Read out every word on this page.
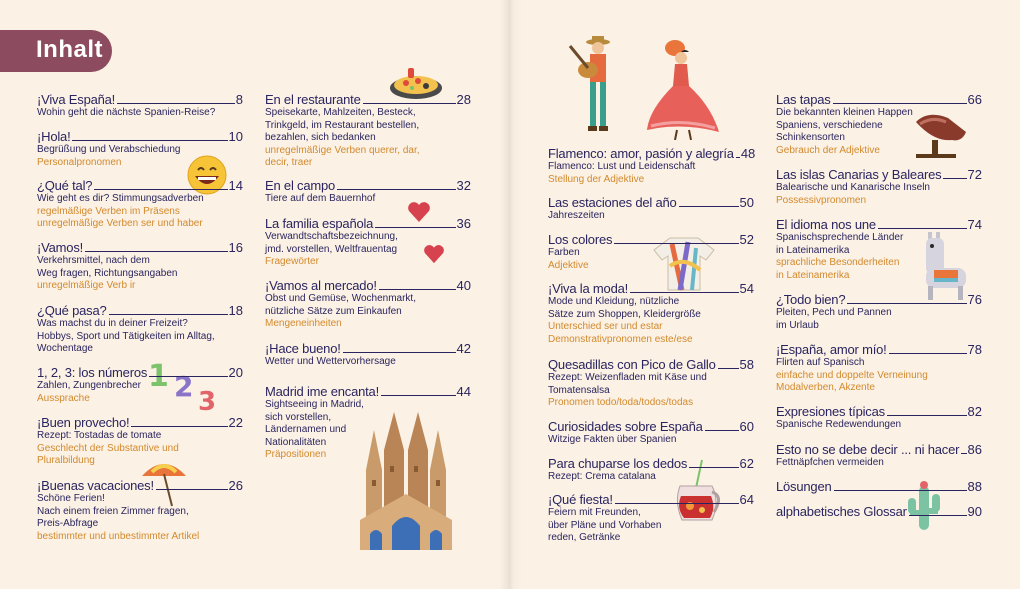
Inhalt
1 2 3
¡Viva España!	8
Wohin geht die nächste Spanien-Reise?
¡Hola!	10
Begrüßung und Verabschiedung
Personalpronomen
¿Qué tal?	14
Wie geht es dir? Stimmungsadverben
regelmäßige Verben im Präsens
unregelmäßige Verben ser und haber
¡Vamos!	16
Verkehrsmittel, nach dem
Weg fragen, Richtungsangaben
unregelmäßige Verb ir
¿Qué pasa?	18
Was machst du in deiner Freizeit?
Hobbys, Sport und Tätigkeiten im Alltag,
Wochentage
1, 2, 3: los números	20
Zahlen, Zungenbrecher
Aussprache
¡Buen provecho!	22
Rezept: Tostadas de tomate
Geschlecht der Substantive und
Pluralbildung
¡Buenas vacaciones!	26
Schöne Ferien!
Nach einem freien Zimmer fragen,
Preis-Abfrage
bestimmter und unbestimmter Artikel
En el restaurante	28
Speisekarte, Mahlzeiten, Besteck,
Trinkgeld, im Restaurant bestellen,
bezahlen, sich bedanken
unregelmäßige Verben querer, dar,
decir, traer
En el campo	32
Tiere auf dem Bauernhof
La familia española	36
Verwandtschaftsbezeichnung,
jmd. vorstellen, Weltfrauentag
Fragewörter
¡Vamos al mercado!	40
Obst und Gemüse, Wochenmarkt,
nützliche Sätze zum Einkaufen
Mengeneinheiten
¡Hace bueno!	42
Wetter und Wettervorhersage
Madrid ime encanta!	44
Sightseeing in Madrid,
sich vorstellen,
Ländernamen und
Nationalitäten
Präpositionen
Flamenco: amor, pasión y alegría 48
Flamenco: Lust und Leidenschaft
Stellung der Adjektive
Las estaciones del año	50
Jahreszeiten
Los colores	52
Farben
Adjektive
¡Viva la moda!	54
Mode und Kleidung, nützliche
Sätze zum Shoppen, Kleidergröße
Unterschied ser und estar
Demonstrativpronomen este/ese
Quesadillas con Pico de Gallo 58
Rezept: Weizenfladen mit Käse und
Tomatensalsa
Pronomen todo/toda/todos/todas
Curiosidades sobre España	60
Witzige Fakten über Spanien
Para chuparse los dedos	62
Rezept: Crema catalana
¡Qué fiesta!	64
Feiern mit Freunden,
über Pläne und Vorhaben
reden, Getränke
Las tapas	66
Die bekannten kleinen Happen
Spaniens, verschiedene
Schinkensorten
Gebrauch der Adjektive
Las islas Canarias y Baleares 72
Balearische und Kanarische Inseln
Possessivpronomen
El idioma nos une	74
Spanischsprechende Länder
in Lateinamerika
sprachliche Besonderheiten
in Lateinamerika
¿Todo bien?	76
Pleiten, Pech und Pannen
im Urlaub
¡España, amor mío!	78
Flirten auf Spanisch
einfache und doppelte Verneinung
Modalverben, Akzente
Expresiones típicas	82
Spanische Redewendungen
Esto no se debe decir ... ni hacer 86
Fettnäpfchen vermeiden
Lösungen	88
alphabetisches Glossar	90
